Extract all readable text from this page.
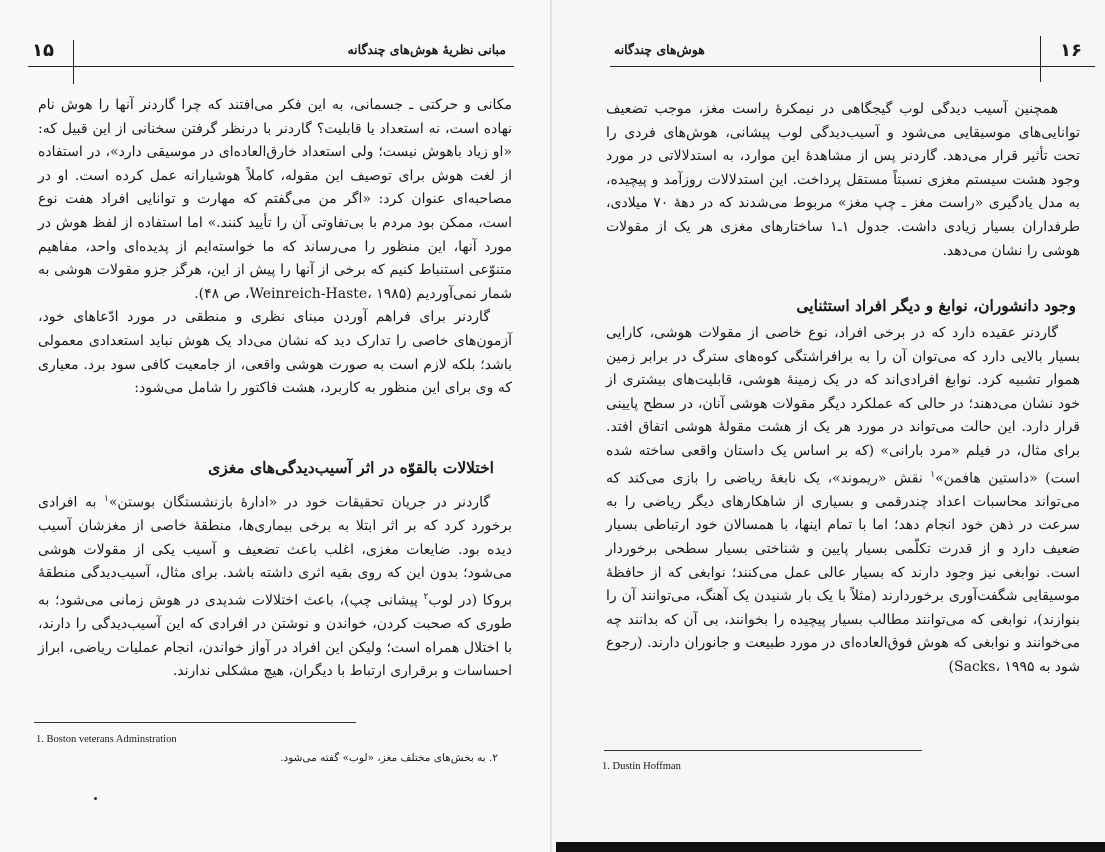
۱۵	مبانی نظریهٔ هوش‌های چندگانه

مکانی و حرکتی ـ جسمانی، به این فکر می‌افتند که چرا گاردنر آنها را هوش نام نهاده است، نه استعداد یا قابلیت؟ گاردنر با درنظر گرفتن سخنانی از این قبیل که: «او زیاد باهوش نیست؛ ولی استعداد خارق‌العاده‌ای در موسیقی دارد»، در استفاده از لغت هوش برای توصیف این مقوله، کاملاً هوشیارانه عمل کرده است. او در مصاحبه‌ای عنوان کرد: «اگر من می‌گفتم که مهارت و توانایی افراد هفت نوع است، ممکن بود مردم با بی‌تفاوتی آن را تأیید کنند.» اما استفاده از لفظ هوش در مورد آنها، این منظور را می‌رساند که ما خواسته‌ایم از پدیده‌ای واحد، مفاهیم متنوّعی استنباط کنیم که برخی از آنها را پیش از این، هرگز جزو مقولات هوشی به شمار نمی‌آوردیم (Weinreich-Haste، ۱۹۸۵، ص ۴۸).

گاردنر برای فراهم آوردن مبنای نظری و منطقی در مورد ادّعاهای خود، آزمون‌های خاصی را تدارک دید که نشان می‌داد یک هوش نباید استعدادی معمولی باشد؛ بلکه لازم است به صورت هوشی واقعی، از جامعیت کافی سود برد. معیاری که وی برای این منظور به کاربرد، هشت فاکتور را شامل می‌شود:

اختلالات بالقوّه در اثر آسیب‌دیدگی‌های مغزی

گاردنر در جریان تحقیقات خود در «ادارهٔ بازنشستگان بوستن»$^۱$ به افرادی برخورد کرد که بر اثر ابتلا به برخی بیماری‌ها، منطقهٔ خاصی از مغزشان آسیب دیده بود. ضایعات مغزی، اغلب باعث تضعیف و آسیب یکی از مقولات هوشی می‌شود؛ بدون این که روی بقیه اثری داشته باشد. برای مثال، آسیب‌دیدگی منطقهٔ بروکا (در لوب$^۲$ پیشانی چپ)، باعث اختلالات شدیدی در هوش زمانی می‌شود؛ به طوری که صحبت کردن، خواندن و نوشتن در افرادی که این آسیب‌دیدگی را دارند، با اختلال همراه است؛ ولیکن این افراد در آواز خواندن، انجام عملیات ریاضی، ابراز احساسات و برقراری ارتباط با دیگران، هیچ مشکلی ندارند.

1. Boston veterans Adminstration
۲. به بخش‌های مختلف مغز، «لوب» گفته می‌شود.
هوش‌های چندگانه	۱۶

همچنین آسیب دیدگی لوب گیجگاهی در نیمکرهٔ راست مغز، موجب تضعیف توانایی‌های موسیقایی می‌شود و آسیب‌دیدگی لوب پیشانی، هوش‌های فردی را تحت تأثیر قرار می‌دهد. گاردنر پس از مشاهدهٔ این موارد، به استدلالاتی در مورد وجود هشت سیستم مغزی نسبتاً مستقل پرداخت. این استدلالات روزآمد و پیچیده، به مدل یادگیری «راست مغز ـ چپ مغز» مربوط می‌شدند که در دههٔ ۷۰ میلادی، طرفداران بسیار زیادی داشت. جدول ۱ـ۱ ساختارهای مغزی هر یک از مقولات هوشی را نشان می‌دهد.

وجود دانشوران، نوابغ و دیگر افراد استثنایی

گاردنر عقیده دارد که در برخی افراد، نوع خاصی از مقولات هوشی، کارایی بسیار بالایی دارد که می‌توان آن را به برافراشتگی کوه‌های سترگ در برابر زمین هموار تشبیه کرد. نوابغ افرادی‌اند که در یک زمینهٔ هوشی، قابلیت‌های بیشتری از خود نشان می‌دهند؛ در حالی که عملکرد دیگر مقولات هوشی آنان، در سطح پایینی قرار دارد. این حالت می‌تواند در مورد هر یک از هشت مقولهٔ هوشی اتفاق افتد. برای مثال، در فیلم «مرد بارانی» (که بر اساس یک داستان واقعی ساخته شده است) «داستین هافمن»$^۱$ نقش «ریموند»، یک نابغهٔ ریاضی را بازی می‌کند که می‌تواند محاسبات اعداد چندرقمی و بسیاری از شاهکارهای دیگر ریاضی را به سرعت در ذهن خود انجام دهد؛ اما با تمام اینها، با همسالان خود ارتباطی بسیار ضعیف دارد و از قدرت تکلّمی بسیار پایین و شناختی بسیار سطحی برخوردار است. نوابغی نیز وجود دارند که بسیار عالی عمل می‌کنند؛ نوابغی که از حافظهٔ موسیقایی شگفت‌آوری برخوردارند (مثلاً با یک بار شنیدن یک آهنگ، می‌توانند آن را بنوازند)، نوابغی که می‌توانند مطالب بسیار پیچیده را بخوانند، بی آن که بدانند چه می‌خوانند و نوابغی که هوش فوق‌العاده‌ای در مورد طبیعت و جانوران دارند. (رجوع شود به Sacks، ۱۹۹۵)

1. Dustin Hoffman
